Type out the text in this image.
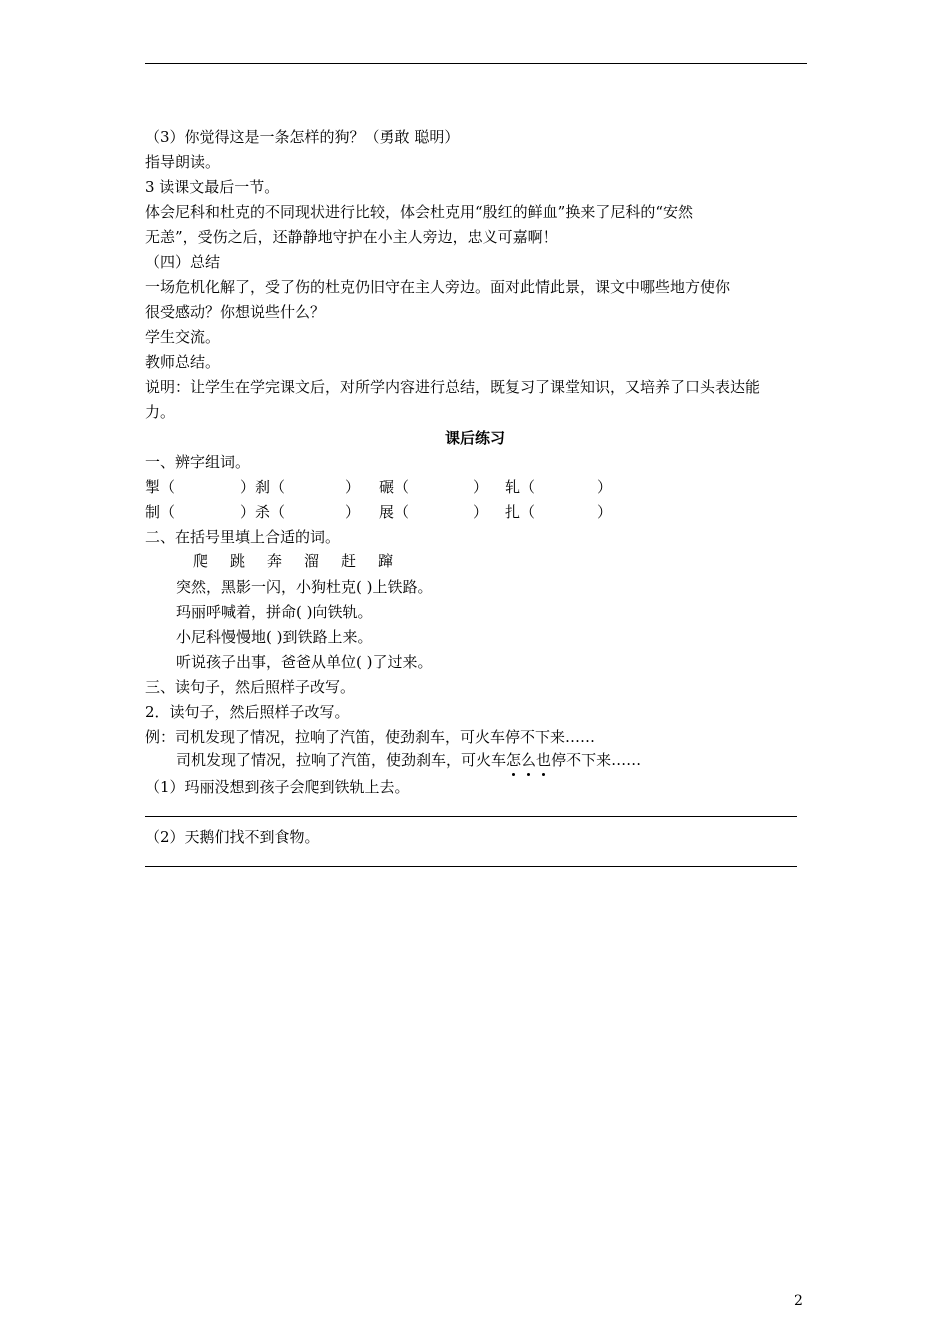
（3）你觉得这是一条怎样的狗？（勇敢 聪明）
指导朗读。
3 读课文最后一节。
体会尼科和杜克的不同现状进行比较，体会杜克用“殷红的鲜血”换来了尼科的“安然
无恙”，受伤之后，还静静地守护在小主人旁边，忠义可嘉啊！
（四）总结
一场危机化解了，受了伤的杜克仍旧守在主人旁边。面对此情此景，课文中哪些地方使你
很受感动？你想说些什么？
学生交流。
教师总结。
说明：让学生在学完课文后，对所学内容进行总结，既复习了课堂知识，又培养了口头表达能
力。
课后练习
一、辨字组词。
掣（	）刹（	） 碾（	） 轧（	）
制（	）杀（	） 展（	） 扎（	）
二、在括号里填上合适的词。
爬 跳 奔 溜 赶 蹿
突然，黑影一闪，小狗杜克( )上铁路。
玛丽呼喊着，拼命( )向铁轨。
小尼科慢慢地( )到铁路上来。
听说孩子出事，爸爸从单位( )了过来。
三、读句子，然后照样子改写。
2．读句子，然后照样子改写。
例：司机发现了情况，拉响了汽笛，使劲刹车，可火车停不下来……
司机发现了情况，拉响了汽笛，使劲刹车，可火车怎么也停不下来……
（1）玛丽没想到孩子会爬到铁轨上去。
（2）天鹅们找不到食物。
2
